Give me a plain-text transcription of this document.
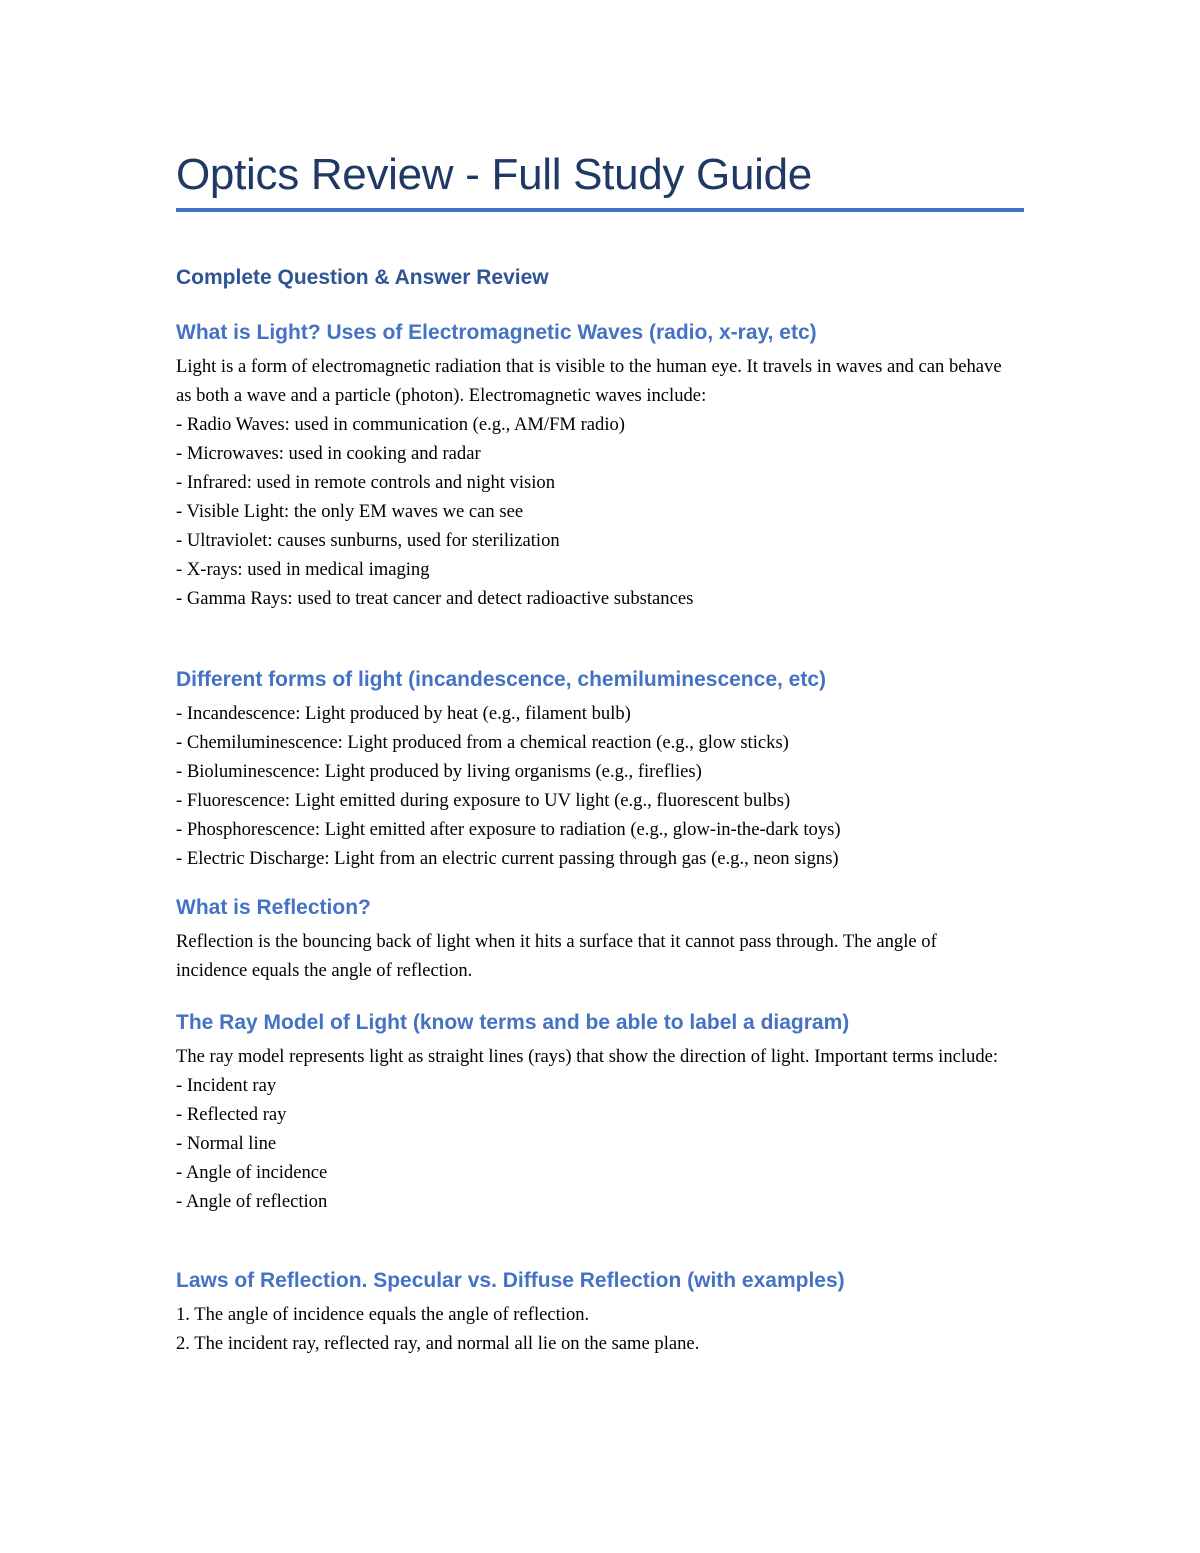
Optics Review - Full Study Guide
Complete Question & Answer Review
What is Light? Uses of Electromagnetic Waves (radio, x-ray, etc)

Light is a form of electromagnetic radiation that is visible to the human eye. It travels in waves and can behave as both a wave and a particle (photon). Electromagnetic waves include:

- Radio Waves: used in communication (e.g., AM/FM radio)
- Microwaves: used in cooking and radar
- Infrared: used in remote controls and night vision
- Visible Light: the only EM waves we can see
- Ultraviolet: causes sunburns, used for sterilization
- X-rays: used in medical imaging
- Gamma Rays: used to treat cancer and detect radioactive substances
Different forms of light (incandescence, chemiluminescence, etc)
- Incandescence: Light produced by heat (e.g., filament bulb)
- Chemiluminescence: Light produced from a chemical reaction (e.g., glow sticks)
- Bioluminescence: Light produced by living organisms (e.g., fireflies)
- Fluorescence: Light emitted during exposure to UV light (e.g., fluorescent bulbs)
- Phosphorescence: Light emitted after exposure to radiation (e.g., glow-in-the-dark toys)
- Electric Discharge: Light from an electric current passing through gas (e.g., neon signs)
What is Reflection?

Reflection is the bouncing back of light when it hits a surface that it cannot pass through. The angle of incidence equals the angle of reflection.

The Ray Model of Light (know terms and be able to label a diagram)

The ray model represents light as straight lines (rays) that show the direction of light. Important terms include:

- Incident ray
- Reflected ray
- Normal line
- Angle of incidence
- Angle of reflection
Laws of Reflection. Specular vs. Diffuse Reflection (with examples)
1. The angle of incidence equals the angle of reflection.
2. The incident ray, reflected ray, and normal all lie on the same plane.
